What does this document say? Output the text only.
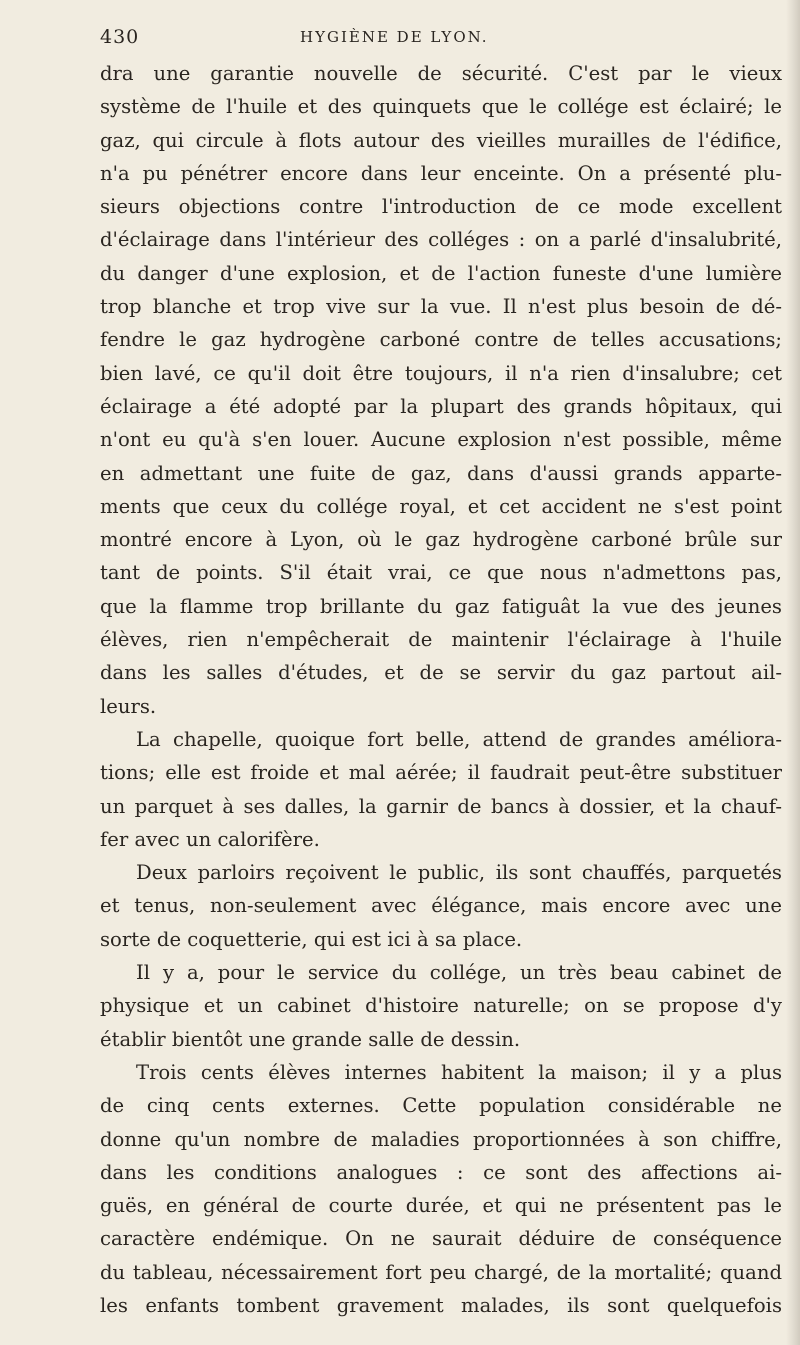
430	HYGIÈNE DE LYON.
dra une garantie nouvelle de sécurité. C'est par le vieux
système de l'huile et des quinquets que le collége est éclairé; le
gaz, qui circule à flots autour des vieilles murailles de l'édifice,
n'a pu pénétrer encore dans leur enceinte. On a présenté plu-
sieurs objections contre l'introduction de ce mode excellent
d'éclairage dans l'intérieur des colléges : on a parlé d'insalubrité,
du danger d'une explosion, et de l'action funeste d'une lumière
trop blanche et trop vive sur la vue. Il n'est plus besoin de dé-
fendre le gaz hydrogène carboné contre de telles accusations;
bien lavé, ce qu'il doit être toujours, il n'a rien d'insalubre; cet
éclairage a été adopté par la plupart des grands hôpitaux, qui
n'ont eu qu'à s'en louer. Aucune explosion n'est possible, même
en admettant une fuite de gaz, dans d'aussi grands apparte-
ments que ceux du collége royal, et cet accident ne s'est point
montré encore à Lyon, où le gaz hydrogène carboné brûle sur
tant de points. S'il était vrai, ce que nous n'admettons pas,
que la flamme trop brillante du gaz fatiguât la vue des jeunes
élèves, rien n'empêcherait de maintenir l'éclairage à l'huile
dans les salles d'études, et de se servir du gaz partout ail-
leurs.
La chapelle, quoique fort belle, attend de grandes améliora-
tions; elle est froide et mal aérée; il faudrait peut-être substituer
un parquet à ses dalles, la garnir de bancs à dossier, et la chauf-
fer avec un calorifère.
Deux parloirs reçoivent le public, ils sont chauffés, parquetés
et tenus, non-seulement avec élégance, mais encore avec une
sorte de coquetterie, qui est ici à sa place.
Il y a, pour le service du collége, un très beau cabinet de
physique et un cabinet d'histoire naturelle; on se propose d'y
établir bientôt une grande salle de dessin.
Trois cents élèves internes habitent la maison; il y a plus
de cinq cents externes. Cette population considérable ne
donne qu'un nombre de maladies proportionnées à son chiffre,
dans les conditions analogues : ce sont des affections ai-
guës, en général de courte durée, et qui ne présentent pas le
caractère endémique. On ne saurait déduire de conséquence
du tableau, nécessairement fort peu chargé, de la mortalité; quand
les enfants tombent gravement malades, ils sont quelquefois
